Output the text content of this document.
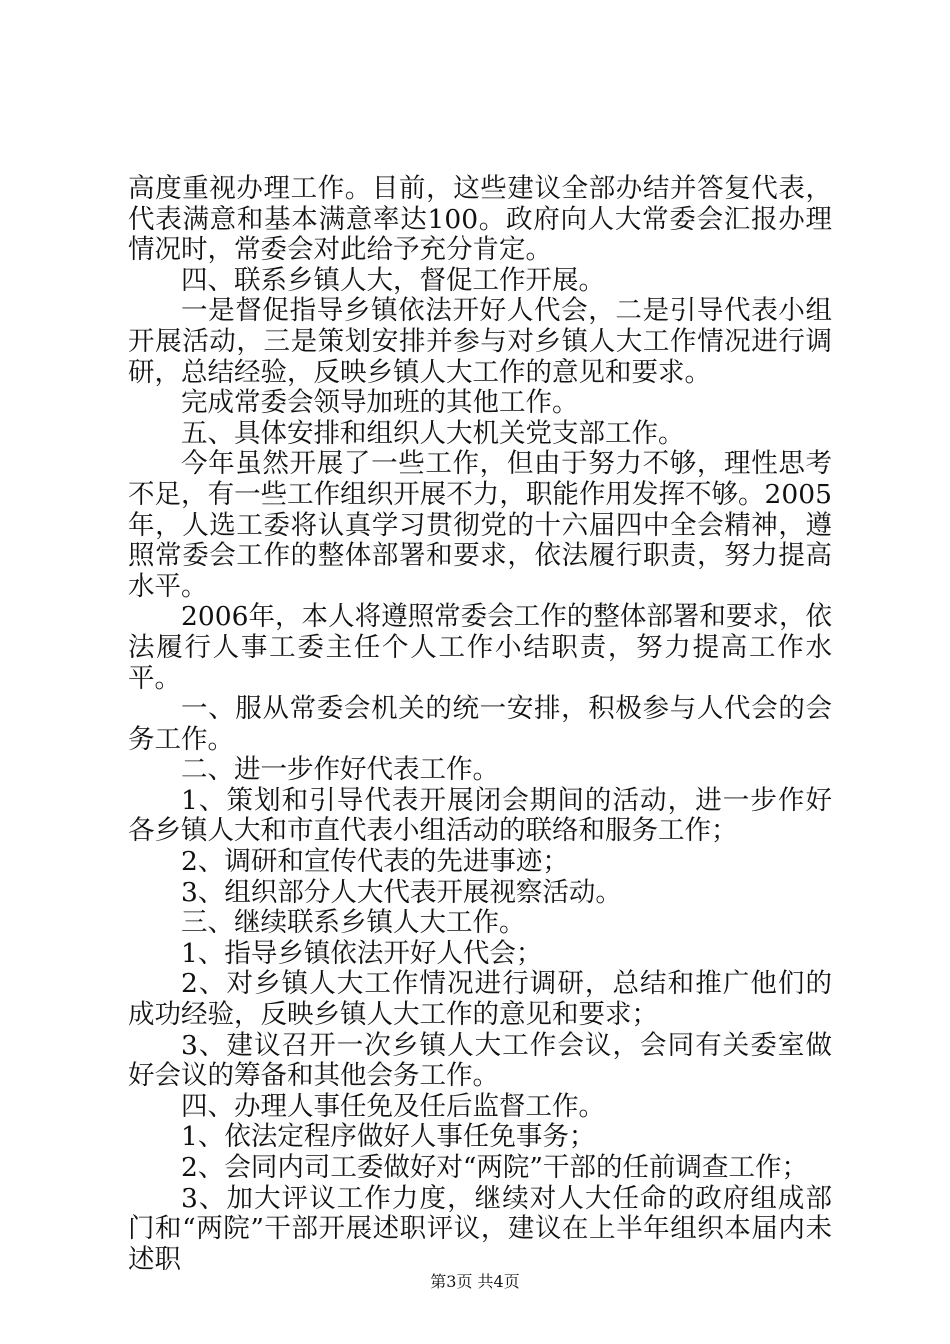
高度重视办理工作。目前，这些建议全部办结并答复代表，代表满意和基本满意率达100。政府向人大常委会汇报办理情况时，常委会对此给予充分肯定。

四、联系乡镇人大，督促工作开展。

一是督促指导乡镇依法开好人代会，二是引导代表小组开展活动，三是策划安排并参与对乡镇人大工作情况进行调研，总结经验，反映乡镇人大工作的意见和要求。

完成常委会领导加班的其他工作。

五、具体安排和组织人大机关党支部工作。

今年虽然开展了一些工作，但由于努力不够，理性思考不足，有一些工作组织开展不力，职能作用发挥不够。2005年，人选工委将认真学习贯彻党的十六届四中全会精神，遵照常委会工作的整体部署和要求，依法履行职责，努力提高水平。

2006年，本人将遵照常委会工作的整体部署和要求，依法履行人事工委主任个人工作小结职责，努力提高工作水平。

一、服从常委会机关的统一安排，积极参与人代会的会务工作。

二、进一步作好代表工作。

1、策划和引导代表开展闭会期间的活动，进一步作好各乡镇人大和市直代表小组活动的联络和服务工作；

2、调研和宣传代表的先进事迹；

3、组织部分人大代表开展视察活动。

三、继续联系乡镇人大工作。

1、指导乡镇依法开好人代会；

2、对乡镇人大工作情况进行调研，总结和推广他们的成功经验，反映乡镇人大工作的意见和要求；

3、建议召开一次乡镇人大工作会议，会同有关委室做好会议的筹备和其他会务工作。

四、办理人事任免及任后监督工作。

1、依法定程序做好人事任免事务；

2、会同内司工委做好对“两院”干部的任前调查工作；

3、加大评议工作力度，继续对人大任命的政府组成部门和“两院”干部开展述职评议，建议在上半年组织本届内未述职

第3页 共4页
